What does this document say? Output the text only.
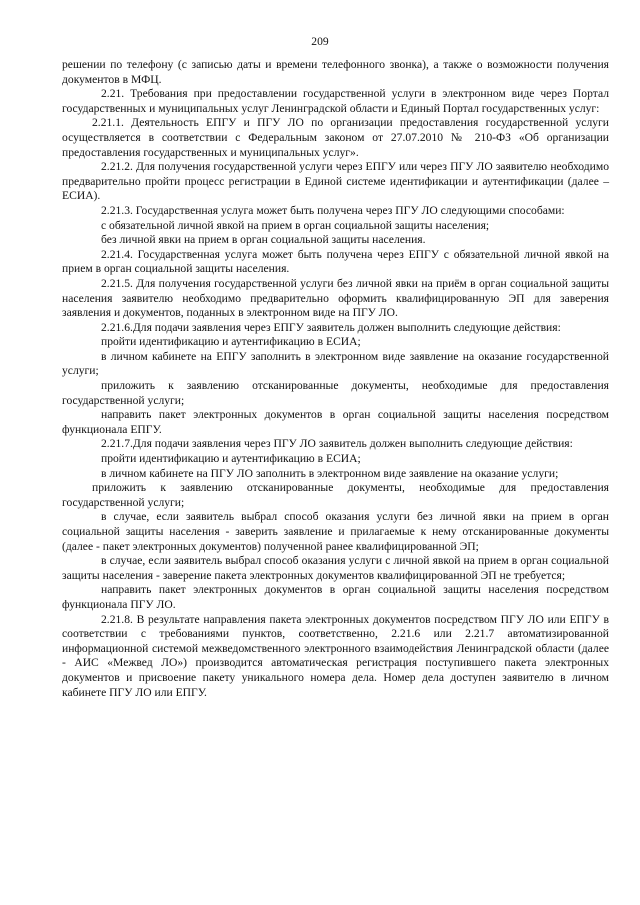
209

решении по телефону (с записью даты и времени телефонного звонка), а также о возможности получения документов в МФЦ.

2.21. Требования при предоставлении государственной услуги в электронном виде через Портал государственных и муниципальных услуг Ленинградской области и Единый Портал государственных услуг:

2.21.1. Деятельность ЕПГУ и ПГУ ЛО по организации предоставления государственной услуги осуществляется в соответствии с Федеральным законом от 27.07.2010 № 210-ФЗ «Об организации предоставления государственных и муниципальных услуг».

2.21.2. Для получения государственной услуги через ЕПГУ или через ПГУ ЛО заявителю необходимо предварительно пройти процесс регистрации в Единой системе идентификации и аутентификации (далее – ЕСИА).

2.21.3. Государственная услуга может быть получена через ПГУ ЛО следующими способами:

с обязательной личной явкой на прием в орган социальной защиты населения;

без личной явки на прием в орган социальной защиты населения.

2.21.4. Государственная услуга может быть получена через ЕПГУ с обязательной личной явкой на прием в орган социальной защиты населения.

2.21.5. Для получения государственной услуги без личной явки на приём в орган социальной защиты населения заявителю необходимо предварительно оформить квалифицированную ЭП для заверения заявления и документов, поданных в электронном виде на ПГУ ЛО.

2.21.6.Для подачи заявления через ЕПГУ заявитель должен выполнить следующие действия:

пройти идентификацию и аутентификацию в ЕСИА;

в личном кабинете на ЕПГУ заполнить в электронном виде заявление на оказание государственной услуги;

приложить к заявлению отсканированные документы, необходимые для предоставления государственной услуги;

направить пакет электронных документов в орган социальной защиты населения посредством функционала ЕПГУ.

2.21.7.Для подачи заявления через ПГУ ЛО заявитель должен выполнить следующие действия:

пройти идентификацию и аутентификацию в ЕСИА;

в личном кабинете на ПГУ ЛО заполнить в электронном виде заявление на оказание услуги;

приложить к заявлению отсканированные документы, необходимые для предоставления государственной услуги;

в случае, если заявитель выбрал способ оказания услуги без личной явки на прием в орган социальной защиты населения - заверить заявление и прилагаемые к нему отсканированные документы (далее - пакет электронных документов) полученной ранее квалифицированной ЭП;

в случае, если заявитель выбрал способ оказания услуги с личной явкой на прием в орган социальной защиты населения - заверение пакета электронных документов квалифицированной ЭП не требуется;

направить пакет электронных документов в орган социальной защиты населения посредством функционала ПГУ ЛО.

2.21.8. В результате направления пакета электронных документов посредством ПГУ ЛО или ЕПГУ в соответствии с требованиями пунктов, соответственно, 2.21.6 или 2.21.7 автоматизированной информационной системой межведомственного электронного взаимодействия Ленинградской области (далее - АИС «Межвед ЛО») производится автоматическая регистрация поступившего пакета электронных документов и присвоение пакету уникального номера дела. Номер дела доступен заявителю в личном кабинете ПГУ ЛО или ЕПГУ.
